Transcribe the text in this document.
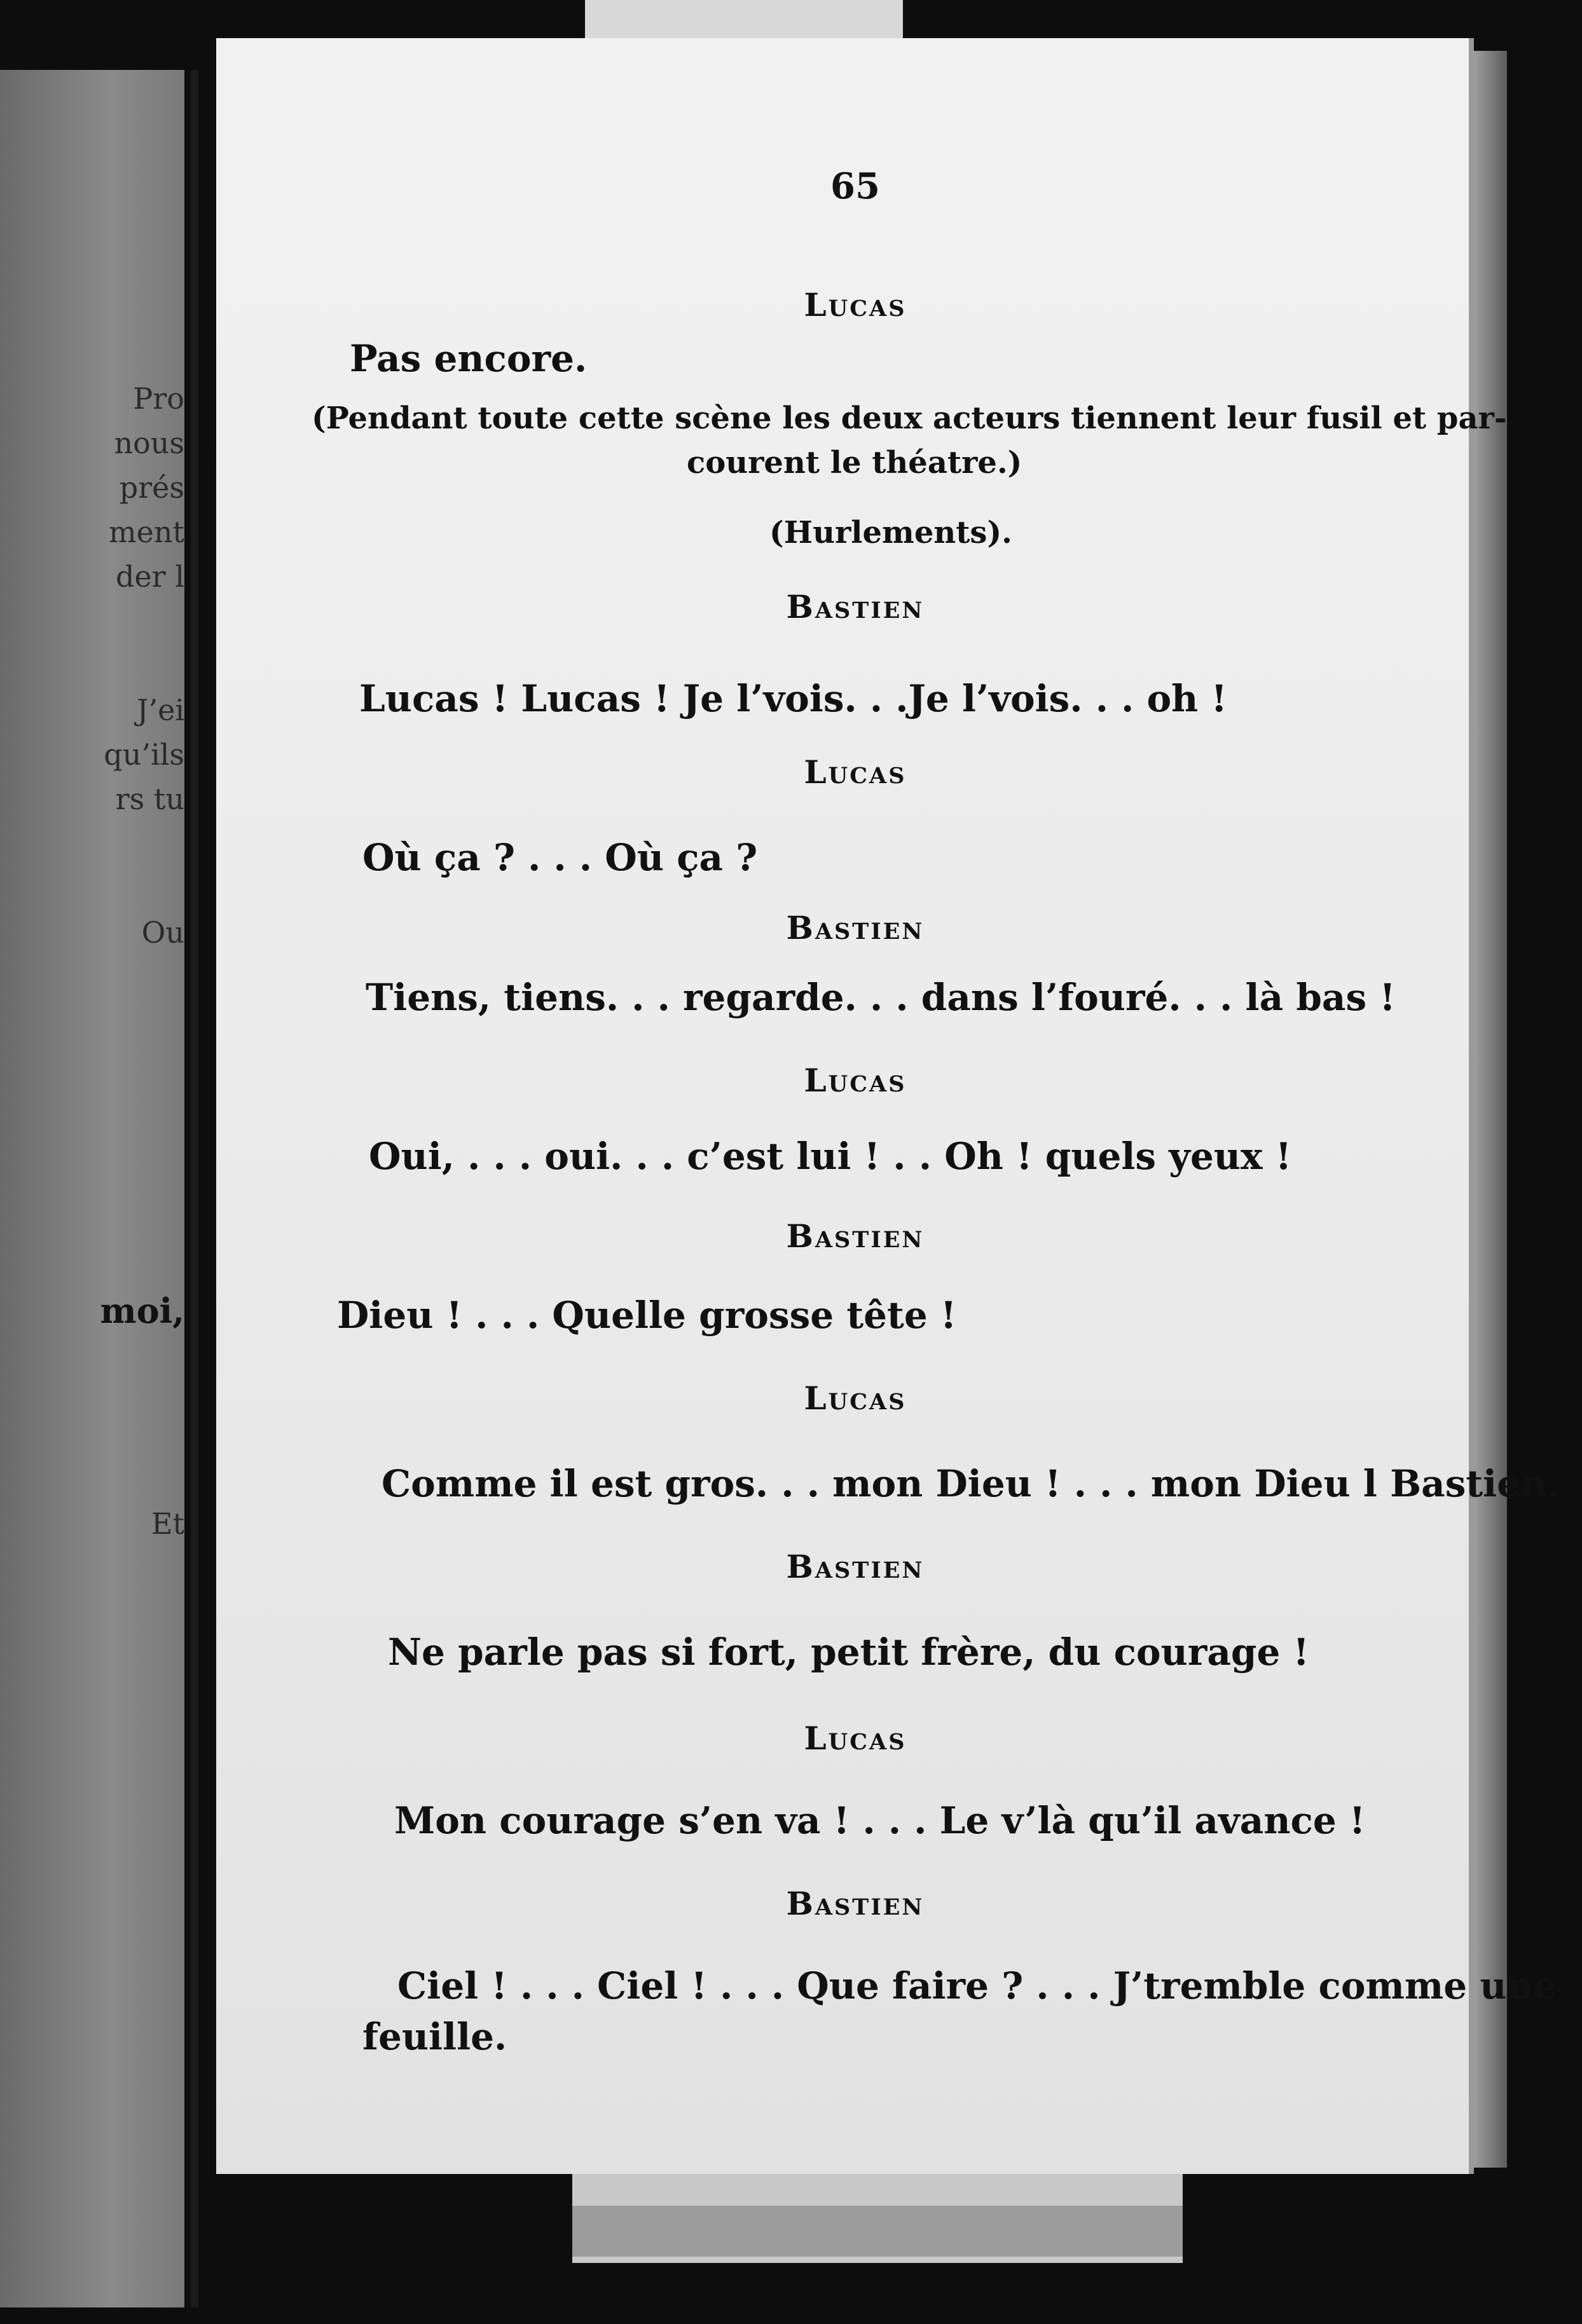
Pro
nous
prés
ment
der l
J’ei
qu’ils
rs tu
Ou
moi,
Et
65
Lucas
Pas encore.
(Pendant toute cette scène les deux acteurs tiennent leur fusil et par-
courent le théatre.)
(Hurlements).
Bastien
Lucas ! Lucas ! Je l’vois. . .Je l’vois. . . oh !
Lucas
Où ça ? . . . Où ça ?
Bastien
Tiens, tiens. . . regarde. . . dans l’fouré. . . là bas !
Lucas
Oui, . . . oui. . . c’est lui ! . . Oh ! quels yeux !
Bastien
Dieu ! . . . Quelle grosse tête !
Lucas
Comme il est gros. . . mon Dieu ! . . . mon Dieu l Bastien.
Bastien
Ne parle pas si fort, petit frère, du courage !
Lucas
Mon courage s’en va ! . . . Le v’là qu’il avance !
Bastien
Ciel ! . . . Ciel ! . . . Que faire ? . . . J’tremble comme une
feuille.
